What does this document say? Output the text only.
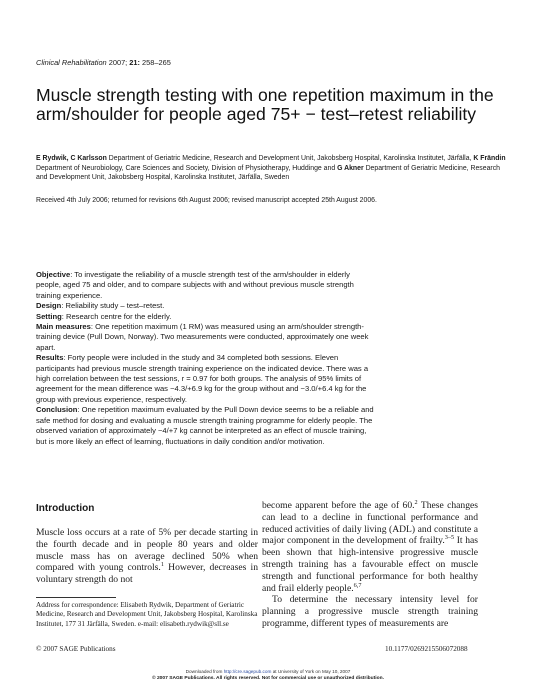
Clinical Rehabilitation 2007; 21: 258–265
Muscle strength testing with one repetition maximum in the arm/shoulder for people aged 75+ − test–retest reliability
E Rydwik, C Karlsson Department of Geriatric Medicine, Research and Development Unit, Jakobsberg Hospital, Karolinska Institutet, Järfälla, K Frändin Department of Neurobiology, Care Sciences and Society, Division of Physiotherapy, Huddinge and G Akner Department of Geriatric Medicine, Research and Development Unit, Jakobsberg Hospital, Karolinska Institutet, Järfälla, Sweden
Received 4th July 2006; returned for revisions 6th August 2006; revised manuscript accepted 25th August 2006.
Objective: To investigate the reliability of a muscle strength test of the arm/shoulder in elderly people, aged 75 and older, and to compare subjects with and without previous muscle strength training experience.
Design: Reliability study – test–retest.
Setting: Research centre for the elderly.
Main measures: One repetition maximum (1 RM) was measured using an arm/shoulder strength-training device (Pull Down, Norway). Two measurements were conducted, approximately one week apart.
Results: Forty people were included in the study and 34 completed both sessions. Eleven participants had previous muscle strength training experience on the indicated device. There was a high correlation between the test sessions, r = 0.97 for both groups. The analysis of 95% limits of agreement for the mean difference was −4.3/+6.9 kg for the group without and −3.0/+6.4 kg for the group with previous experience, respectively.
Conclusion: One repetition maximum evaluated by the Pull Down device seems to be a reliable and safe method for dosing and evaluating a muscle strength training programme for elderly people. The observed variation of approximately −4/+7 kg cannot be interpreted as an effect of muscle training, but is more likely an effect of learning, fluctuations in daily condition and/or motivation.
Introduction

Muscle loss occurs at a rate of 5% per decade starting in the fourth decade and in people 80 years and older muscle mass has on average declined 50% when compared with young controls.$^1$ However, decreases in voluntary strength do not

Address for correspondence: Elisabeth Rydwik, Department of Geriatric Medicine, Research and Development Unit, Jakobsberg Hospital, Karolinska Institutet, 177 31 Järfälla, Sweden. e-mail: elisabeth.rydwik@sll.se

become apparent before the age of 60.$^2$ These changes can lead to a decline in functional performance and reduced activities of daily living (ADL) and constitute a major component in the development of frailty.$^{3-5}$ It has been shown that high-intensive progressive muscle strength training has a favourable effect on muscle strength and functional performance for both healthy and frail elderly people.$^{6,7}$

To determine the necessary intensity level for planning a progressive muscle strength training programme, different types of measurements are

© 2007 SAGE Publications	10.1177/0269215506072088
Downloaded from http://cre.sagepub.com at University of York on May 10, 2007
© 2007 SAGE Publications. All rights reserved. Not for commercial use or unauthorized distribution.
